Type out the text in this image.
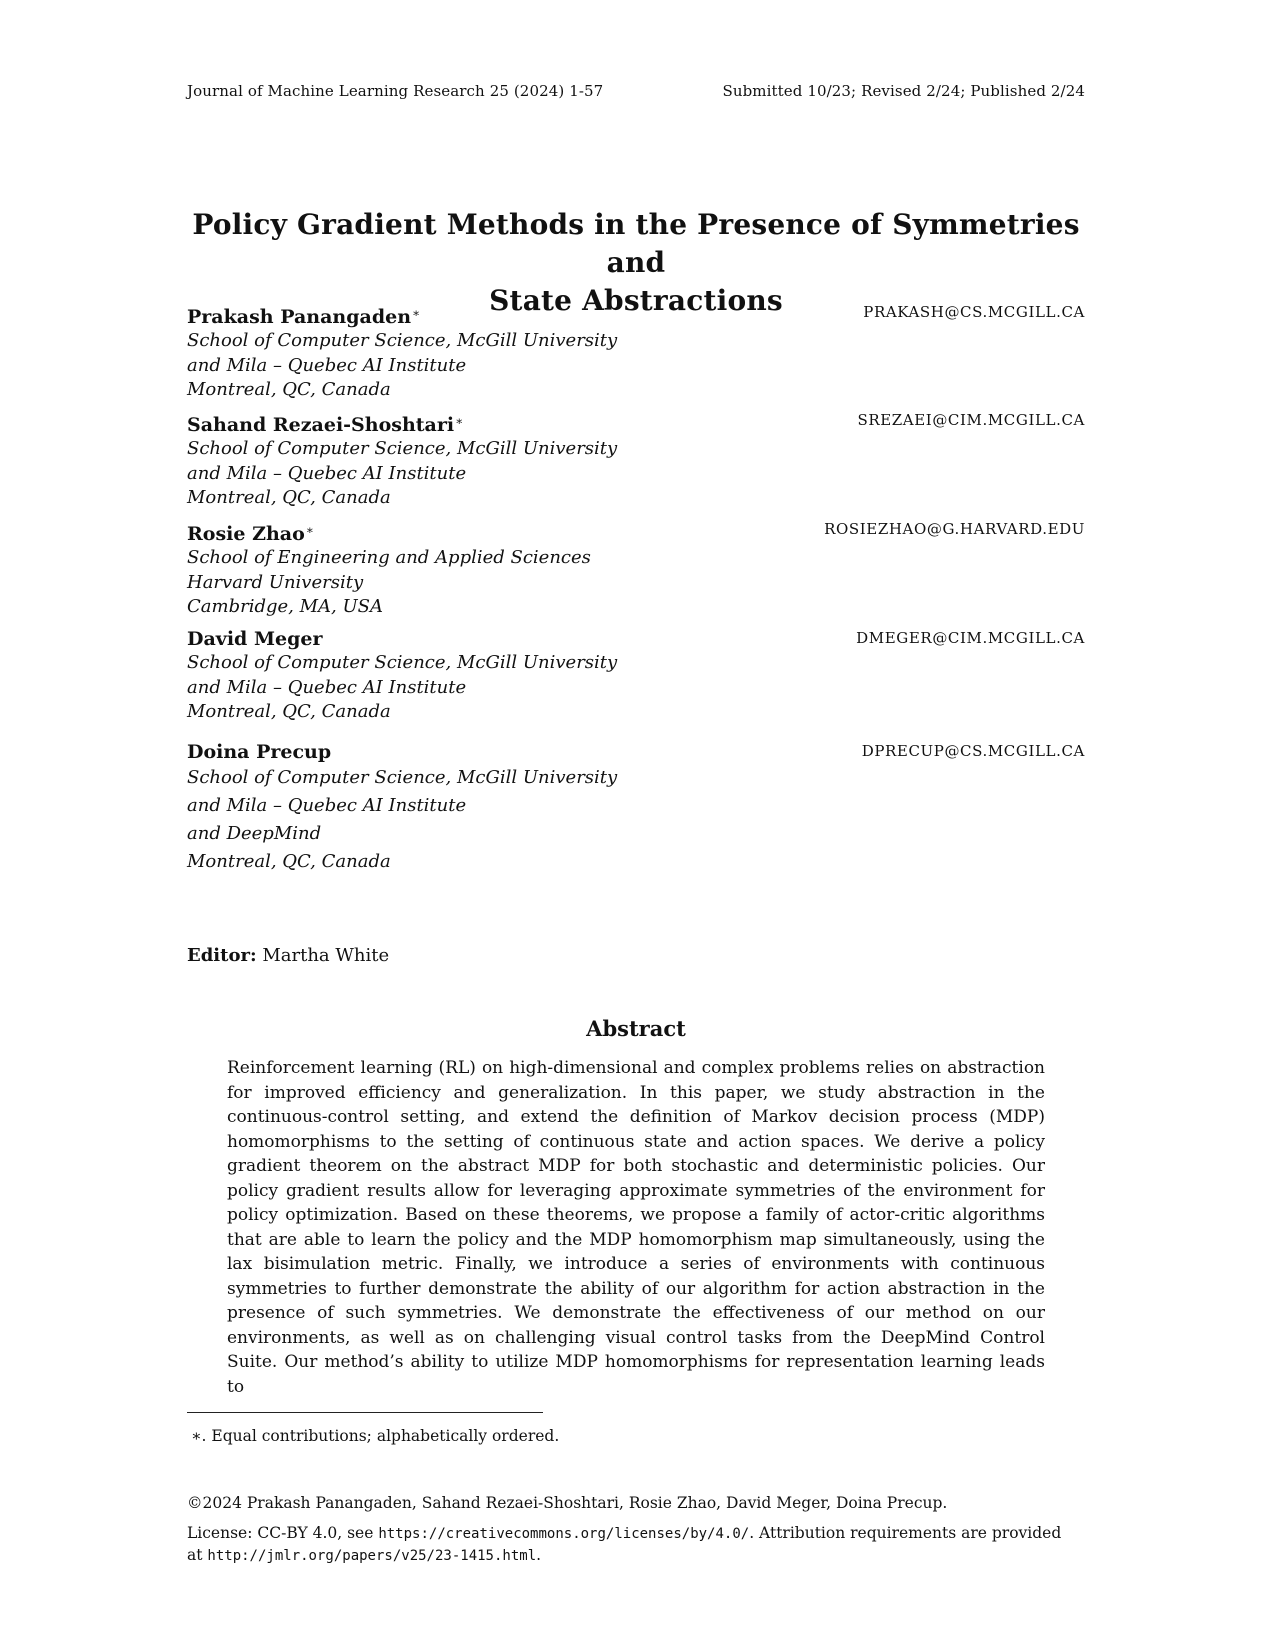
Journal of Machine Learning Research 25 (2024) 1-57	Submitted 10/23; Revised 2/24; Published 2/24
Policy Gradient Methods in the Presence of Symmetries and
State Abstractions
Prakash Panangaden∗	PRAKASH@CS.MCGILL.CA
School of Computer Science, McGill University
and Mila – Quebec AI Institute
Montreal, QC, Canada
Sahand Rezaei-Shoshtari∗	SREZAEI@CIM.MCGILL.CA
School of Computer Science, McGill University
and Mila – Quebec AI Institute
Montreal, QC, Canada
Rosie Zhao∗	ROSIEZHAO@G.HARVARD.EDU
School of Engineering and Applied Sciences
Harvard University
Cambridge, MA, USA
David Meger	DMEGER@CIM.MCGILL.CA
School of Computer Science, McGill University
and Mila – Quebec AI Institute
Montreal, QC, Canada
Doina Precup	DPRECUP@CS.MCGILL.CA
School of Computer Science, McGill University
and Mila – Quebec AI Institute
and DeepMind
Montreal, QC, Canada
Editor: Martha White
Abstract
Reinforcement learning (RL) on high-dimensional and complex problems relies on abstraction for improved efficiency and generalization. In this paper, we study abstraction in the continuous-control setting, and extend the definition of Markov decision process (MDP) homomorphisms to the setting of continuous state and action spaces. We derive a policy gradient theorem on the abstract MDP for both stochastic and deterministic policies. Our policy gradient results allow for leveraging approximate symmetries of the environment for policy optimization. Based on these theorems, we propose a family of actor-critic algorithms that are able to learn the policy and the MDP homomorphism map simultaneously, using the lax bisimulation metric. Finally, we introduce a series of environments with continuous symmetries to further demonstrate the ability of our algorithm for action abstraction in the presence of such symmetries. We demonstrate the effectiveness of our method on our environments, as well as on challenging visual control tasks from the DeepMind Control Suite. Our method’s ability to utilize MDP homomorphisms for representation learning leads to
∗. Equal contributions; alphabetically ordered.
©2024 Prakash Panangaden, Sahand Rezaei-Shoshtari, Rosie Zhao, David Meger, Doina Precup.
License: CC-BY 4.0, see https://creativecommons.org/licenses/by/4.0/. Attribution requirements are provided at http://jmlr.org/papers/v25/23-1415.html.
